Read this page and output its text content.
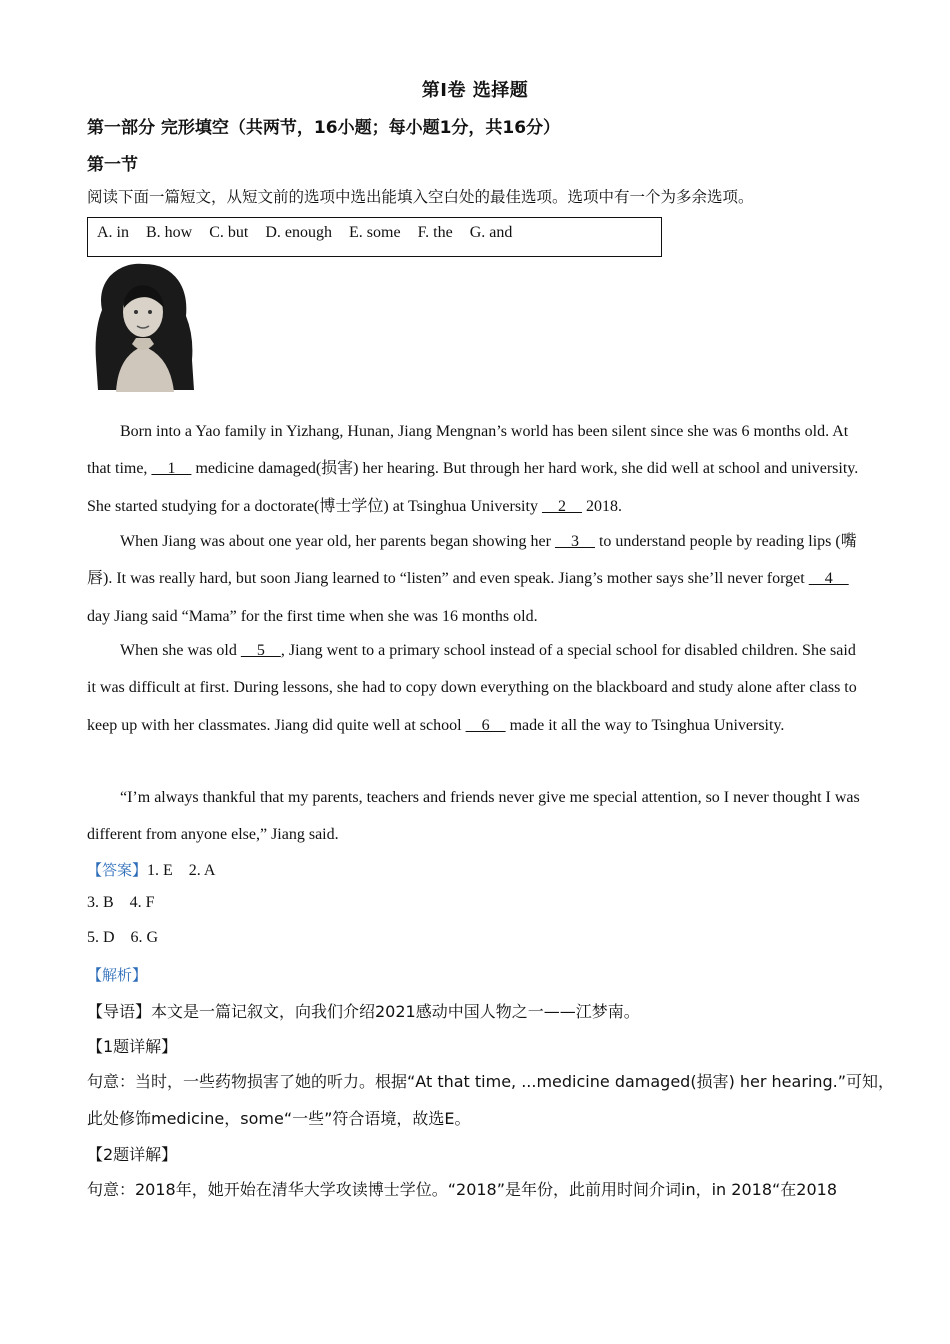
第Ⅰ卷 选择题
第一部分 完形填空（共两节，16小题；每小题1分，共16分）
第一节
阅读下面一篇短文，从短文前的选项中选出能填入空白处的最佳选项。选项中有一个为多余选项。
A. in B. how C. but D. enough E. some F. the G. and

Born into a Yao family in Yizhang, Hunan, Jiang Mengnan’s world has been silent since she was 6 months old. At that time,     1     medicine damaged(损害) her hearing. But through her hard work, she did well at school and university. She started studying for a doctorate(博士学位) at Tsinghua University     2     2018.

When Jiang was about one year old, her parents began showing her     3     to understand people by reading lips (嘴唇). It was really hard, but soon Jiang learned to “listen” and even speak. Jiang’s mother says she’ll never forget     4     day Jiang said “Mama” for the first time when she was 16 months old.

When she was old     5    , Jiang went to a primary school instead of a special school for disabled children. She said it was difficult at first. During lessons, she had to copy down everything on the blackboard and study alone after class to keep up with her classmates. Jiang did quite well at school     6     made it all the way to Tsinghua University.

“I’m always thankful that my parents, teachers and friends never give me special attention, so I never thought I was different from anyone else,” Jiang said.

【答案】1. E    2. A
3. B    4. F
5. D    6. G
【解析】
【导语】本文是一篇记叙文，向我们介绍2021感动中国人物之一——江梦南。
【1题详解】
句意：当时，一些药物损害了她的听力。根据“At that time, ...medicine damaged(损害) her hearing.”可知，
此处修饰medicine，some“一些”符合语境，故选E。
【2题详解】
句意：2018年，她开始在清华大学攻读博士学位。“2018”是年份，此前用时间介词in，in 2018“在2018
